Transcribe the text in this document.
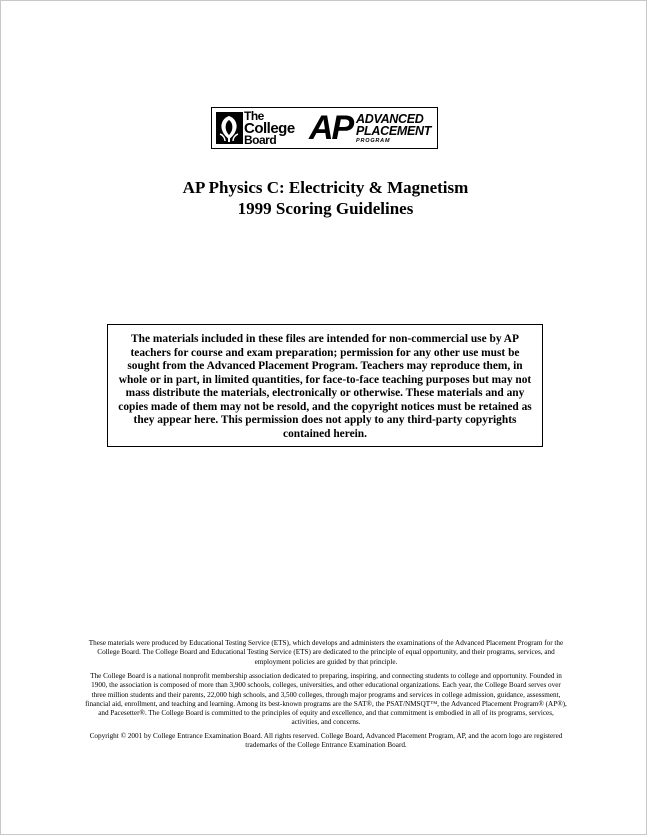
The
College
Board AP ADVANCED
PLACEMENT
PROGRAM
AP Physics C: Electricity & Magnetism
1999 Scoring Guidelines
The materials included in these files are intended for non-commercial use by AP teachers for course and exam preparation; permission for any other use must be sought from the Advanced Placement Program. Teachers may reproduce them, in whole or in part, in limited quantities, for face-to-face teaching purposes but may not mass distribute the materials, electronically or otherwise. These materials and any copies made of them may not be resold, and the copyright notices must be retained as they appear here. This permission does not apply to any third-party copyrights contained herein.
These materials were produced by Educational Testing Service (ETS), which develops and administers the examinations of the Advanced Placement Program for the College Board. The College Board and Educational Testing Service (ETS) are dedicated to the principle of equal opportunity, and their programs, services, and employment policies are guided by that principle.
The College Board is a national nonprofit membership association dedicated to preparing, inspiring, and connecting students to college and opportunity. Founded in 1900, the association is composed of more than 3,900 schools, colleges, universities, and other educational organizations. Each year, the College Board serves over three million students and their parents, 22,000 high schools, and 3,500 colleges, through major programs and services in college admission, guidance, assessment, financial aid, enrollment, and teaching and learning. Among its best-known programs are the SAT®, the PSAT/NMSQT™, the Advanced Placement Program® (AP®), and Pacesetter®. The College Board is committed to the principles of equity and excellence, and that commitment is embodied in all of its programs, services, activities, and concerns.
Copyright © 2001 by College Entrance Examination Board. All rights reserved. College Board, Advanced Placement Program, AP, and the acorn logo are registered trademarks of the College Entrance Examination Board.
